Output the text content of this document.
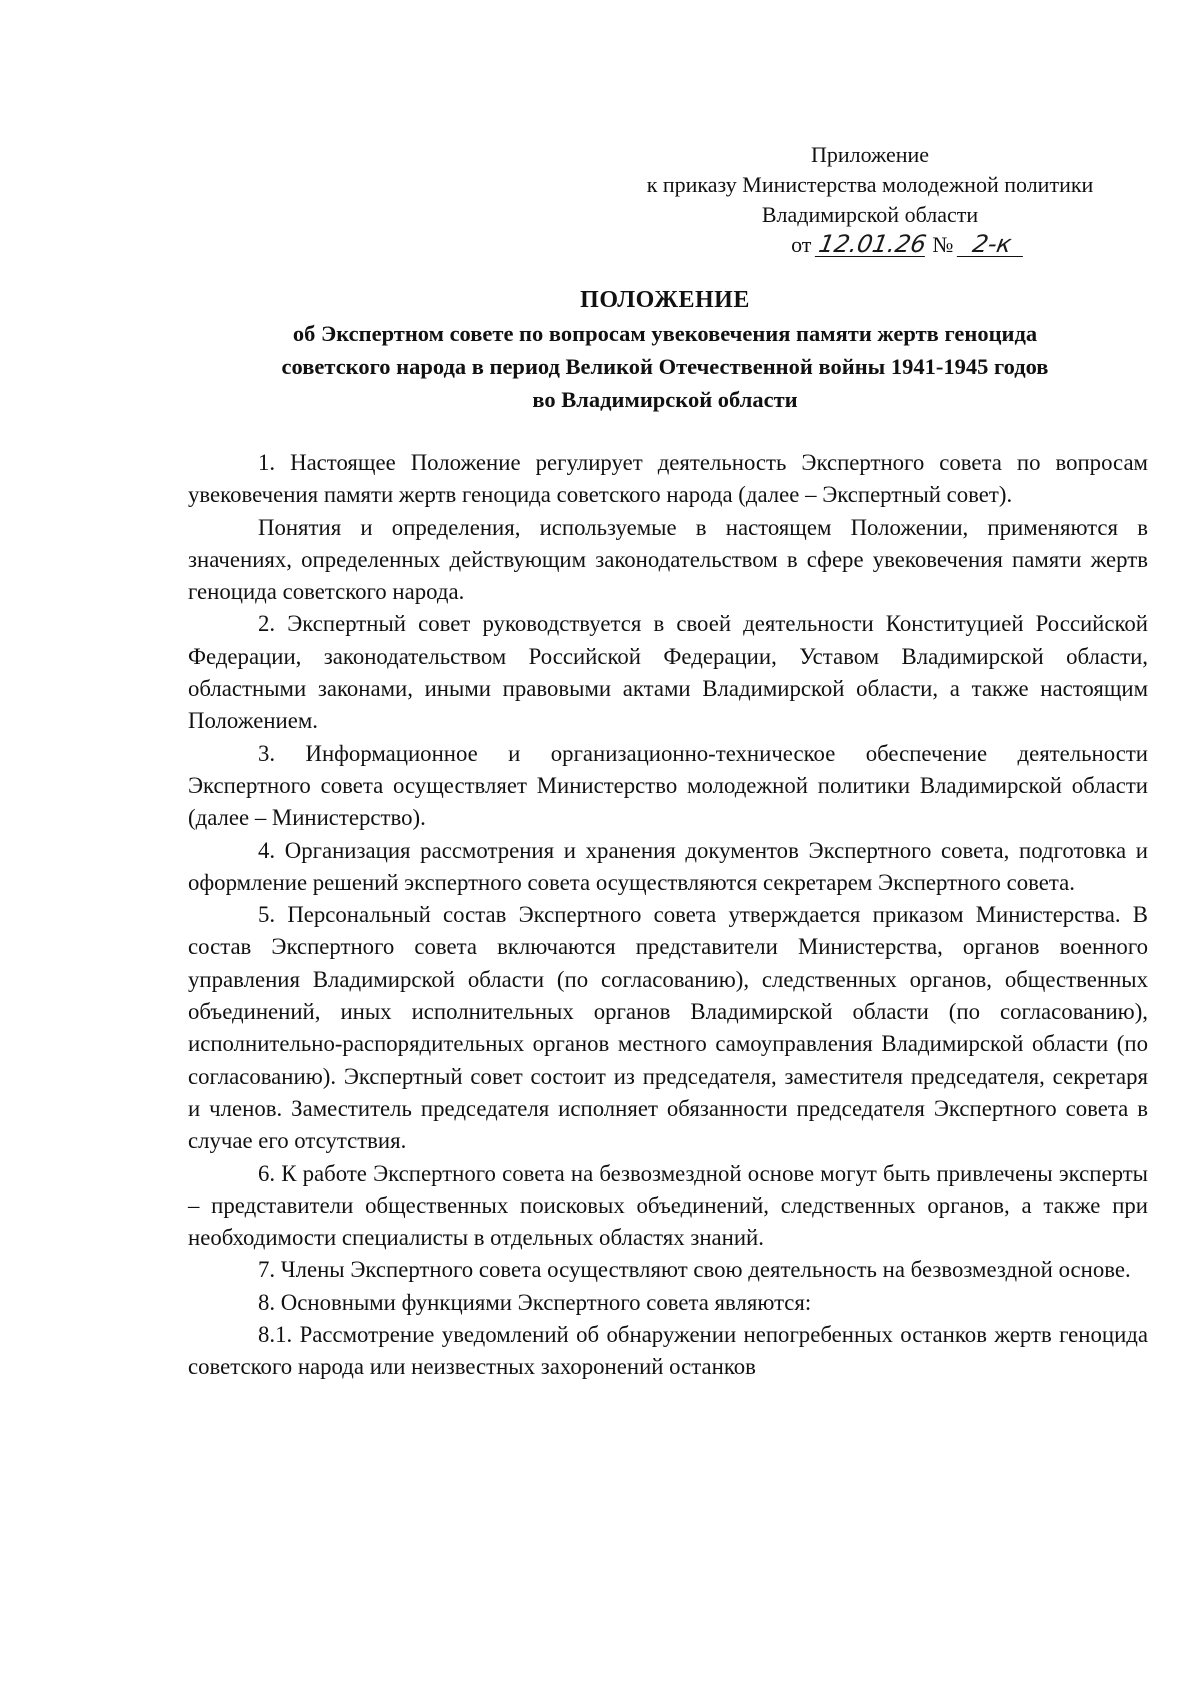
Приложение
к приказу Министерства молодежной политики
Владимирской области
от 12.01.26 № 2-к
ПОЛОЖЕНИЕ
об Экспертном совете по вопросам увековечения памяти жертв геноцида
советского народа в период Великой Отечественной войны 1941-1945 годов
во Владимирской области

1. Настоящее Положение регулирует деятельность Экспертного совета по вопросам увековечения памяти жертв геноцида советского народа (далее – Экспертный совет).

Понятия и определения, используемые в настоящем Положении, применяются в значениях, определенных действующим законодательством в сфере увековечения памяти жертв геноцида советского народа.

2. Экспертный совет руководствуется в своей деятельности Конституцией Российской Федерации, законодательством Российской Федерации, Уставом Владимирской области, областными законами, иными правовыми актами Владимирской области, а также настоящим Положением.

3. Информационное и организационно-техническое обеспечение деятельности Экспертного совета осуществляет Министерство молодежной политики Владимирской области (далее – Министерство).

4. Организация рассмотрения и хранения документов Экспертного совета, подготовка и оформление решений экспертного совета осуществляются секретарем Экспертного совета.

5. Персональный состав Экспертного совета утверждается приказом Министерства. В состав Экспертного совета включаются представители Министерства, органов военного управления Владимирской области (по согласованию), следственных органов, общественных объединений, иных исполнительных органов Владимирской области (по согласованию), исполнительно-распорядительных органов местного самоуправления Владимирской области (по согласованию). Экспертный совет состоит из председателя, заместителя председателя, секретаря и членов. Заместитель председателя исполняет обязанности председателя Экспертного совета в случае его отсутствия.

6. К работе Экспертного совета на безвозмездной основе могут быть привлечены эксперты – представители общественных поисковых объединений, следственных органов, а также при необходимости специалисты в отдельных областях знаний.

7. Члены Экспертного совета осуществляют свою деятельность на безвозмездной основе.

8. Основными функциями Экспертного совета являются:

8.1. Рассмотрение уведомлений об обнаружении непогребенных останков жертв геноцида советского народа или неизвестных захоронений останков
